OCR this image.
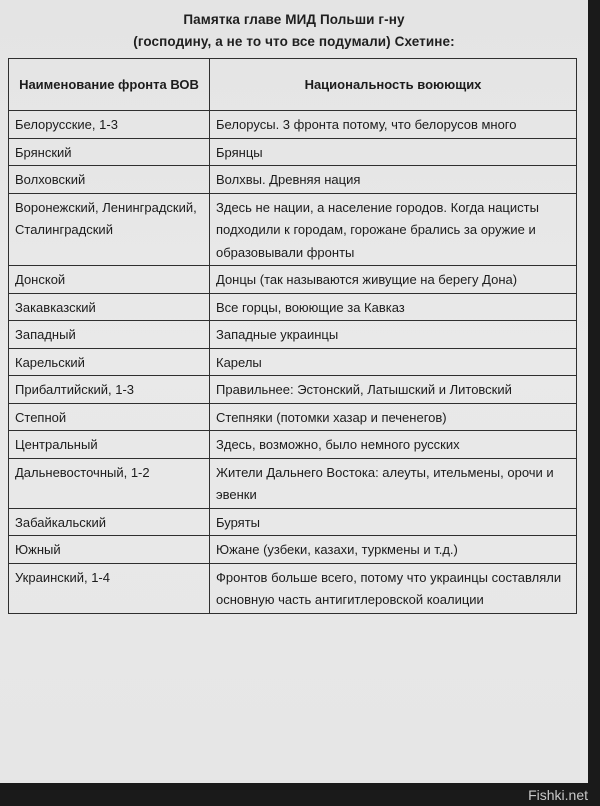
Памятка главе МИД Польши г-ну
(господину, а не то что все подумали) Схетине:
Наименование фронта ВОВ	Национальность воюющих
Белорусские, 1-3	Белорусы. 3 фронта потому, что белорусов много
Брянский	Брянцы
Волховский	Волхвы. Древняя нация
Воронежский, Ленинградский, Сталинградский	Здесь не нации, а население городов. Когда нацисты подходили к городам, горожане брались за оружие и образовывали фронты
Донской	Донцы (так называются живущие на берегу Дона)
Закавказский	Все горцы, воюющие за Кавказ
Западный	Западные украинцы
Карельский	Карелы
Прибалтийский, 1-3	Правильнее: Эстонский, Латышский и Литовский
Степной	Степняки (потомки хазар и печенегов)
Центральный	Здесь, возможно, было немного русских
Дальневосточный, 1-2	Жители Дальнего Востока: алеуты, ительмены, орочи и эвенки
Забайкальский	Буряты
Южный	Южане (узбеки, казахи, туркмены и т.д.)
Украинский, 1-4	Фронтов больше всего, потому что украинцы составляли основную часть антигитлеровской коалиции
Fishki.net
